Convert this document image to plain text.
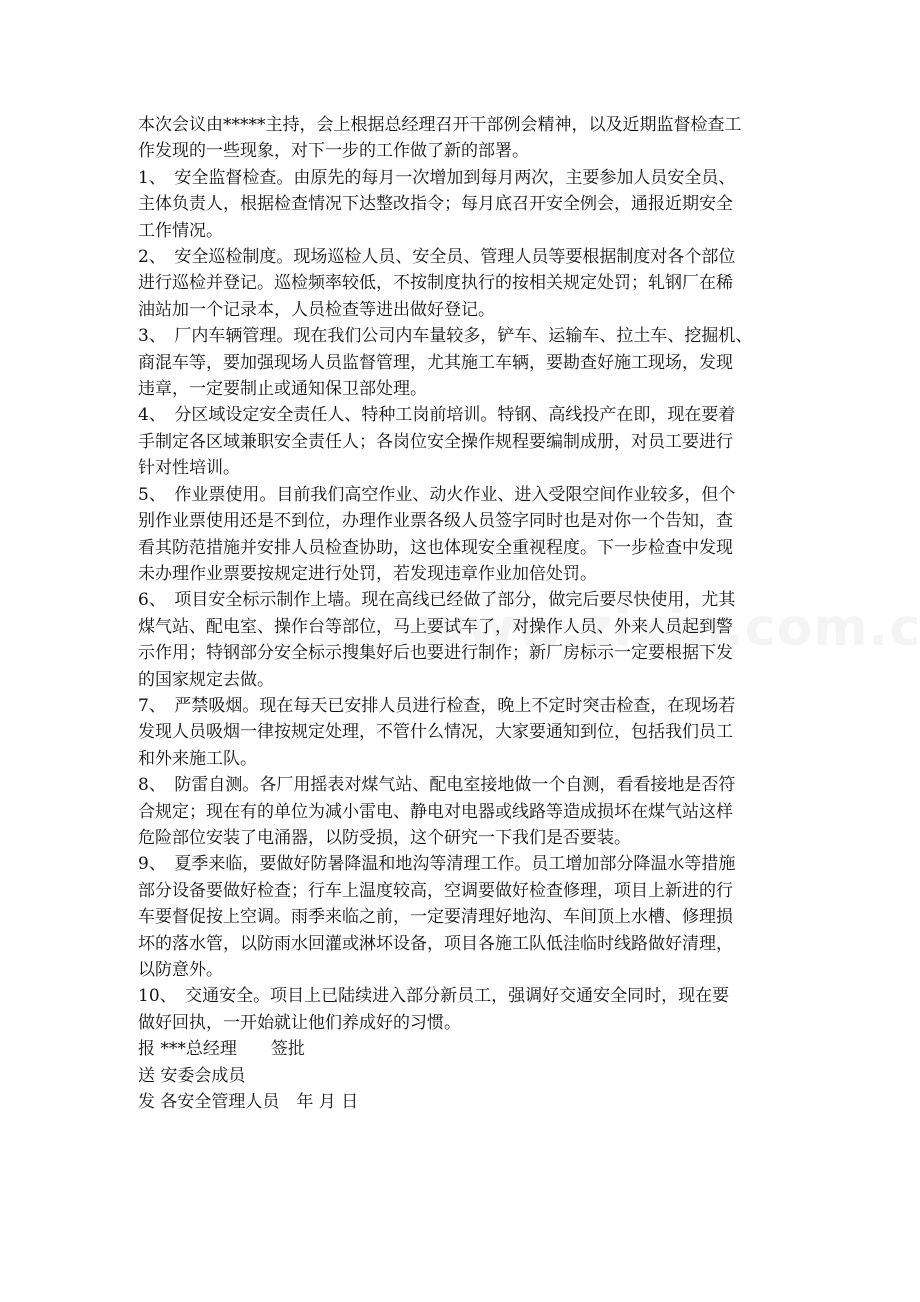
本次会议由*****主持，会上根据总经理召开干部例会精神，以及近期监督检查工
作发现的一些现象，对下一步的工作做了新的部署。
1、　安全监督检查。由原先的每月一次增加到每月两次，主要参加人员安全员、
主体负责人，根据检查情况下达整改指令；每月底召开安全例会，通报近期安全
工作情况。
2、　安全巡检制度。现场巡检人员、安全员、管理人员等要根据制度对各个部位
进行巡检并登记。巡检频率较低，不按制度执行的按相关规定处罚；轧钢厂在稀
油站加一个记录本，人员检查等进出做好登记。
3、　厂内车辆管理。现在我们公司内车量较多，铲车、运输车、拉土车、挖掘机、
商混车等，要加强现场人员监督管理，尤其施工车辆，要勘查好施工现场，发现
违章，一定要制止或通知保卫部处理。
4、　分区域设定安全责任人、特种工岗前培训。特钢、高线投产在即，现在要着
手制定各区域兼职安全责任人；各岗位安全操作规程要编制成册，对员工要进行
针对性培训。
5、　作业票使用。目前我们高空作业、动火作业、进入受限空间作业较多，但个
别作业票使用还是不到位，办理作业票各级人员签字同时也是对你一个告知，查
看其防范措施并安排人员检查协助，这也体现安全重视程度。下一步检查中发现
未办理作业票要按规定进行处罚，若发现违章作业加倍处罚。
6、　项目安全标示制作上墙。现在高线已经做了部分，做完后要尽快使用，尤其
煤气站、配电室、操作台等部位，马上要试车了，对操作人员、外来人员起到警
示作用；特钢部分安全标示搜集好后也要进行制作；新厂房标示一定要根据下发
的国家规定去做。
7、　严禁吸烟。现在每天已安排人员进行检查，晚上不定时突击检查，在现场若
发现人员吸烟一律按规定处理，不管什么情况，大家要通知到位，包括我们员工
和外来施工队。
8、　防雷自测。各厂用摇表对煤气站、配电室接地做一个自测，看看接地是否符
合规定；现在有的单位为减小雷电、静电对电器或线路等造成损坏在煤气站这样
危险部位安装了电涌器，以防受损，这个研究一下我们是否要装。
9、　夏季来临，要做好防暑降温和地沟等清理工作。员工增加部分降温水等措施
部分设备要做好检查；行车上温度较高，空调要做好检查修理，项目上新进的行
车要督促按上空调。雨季来临之前，一定要清理好地沟、车间顶上水槽、修理损
坏的落水管，以防雨水回灌或淋坏设备，项目各施工队低洼临时线路做好清理，
以防意外。
10、　交通安全。项目上已陆续进入部分新员工，强调好交通安全同时，现在要
做好回执，一开始就让他们养成好的习惯。
报 ***总经理　　签批
送 安委会成员
发 各安全管理人员　年 月 日
